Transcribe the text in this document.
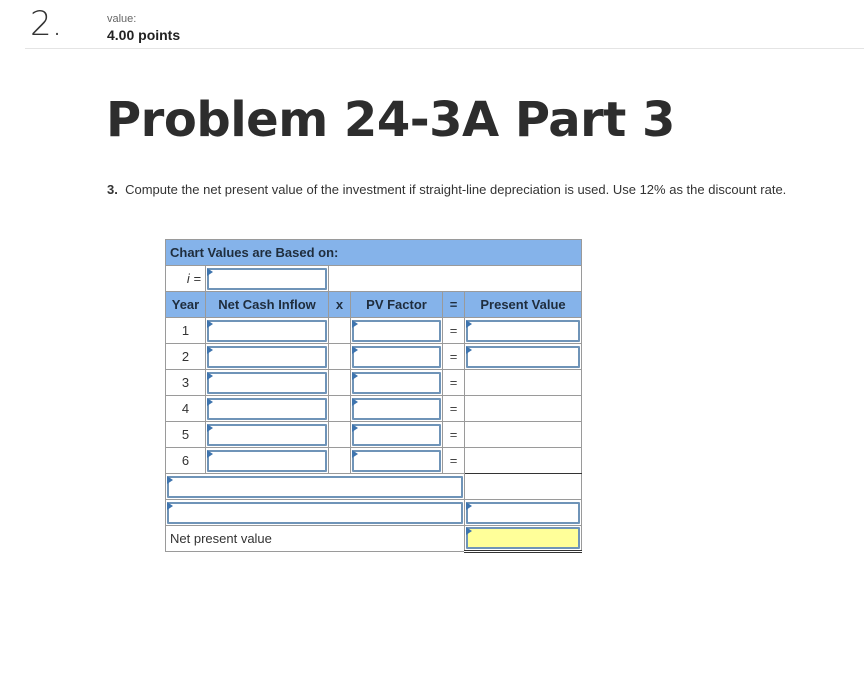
2.	value:
4.00 points
Problem 24-3A Part 3
3. Compute the net present value of the investment if straight-line depreciation is used. Use 12% as the discount rate.
Chart Values are Based on:					
i =				

Year	Net Cash Inflow	x	PV Factor	=	Present Value
1				=	

2				=	

3				=	
4				=	
5				=	
6				=	

Net present value					
